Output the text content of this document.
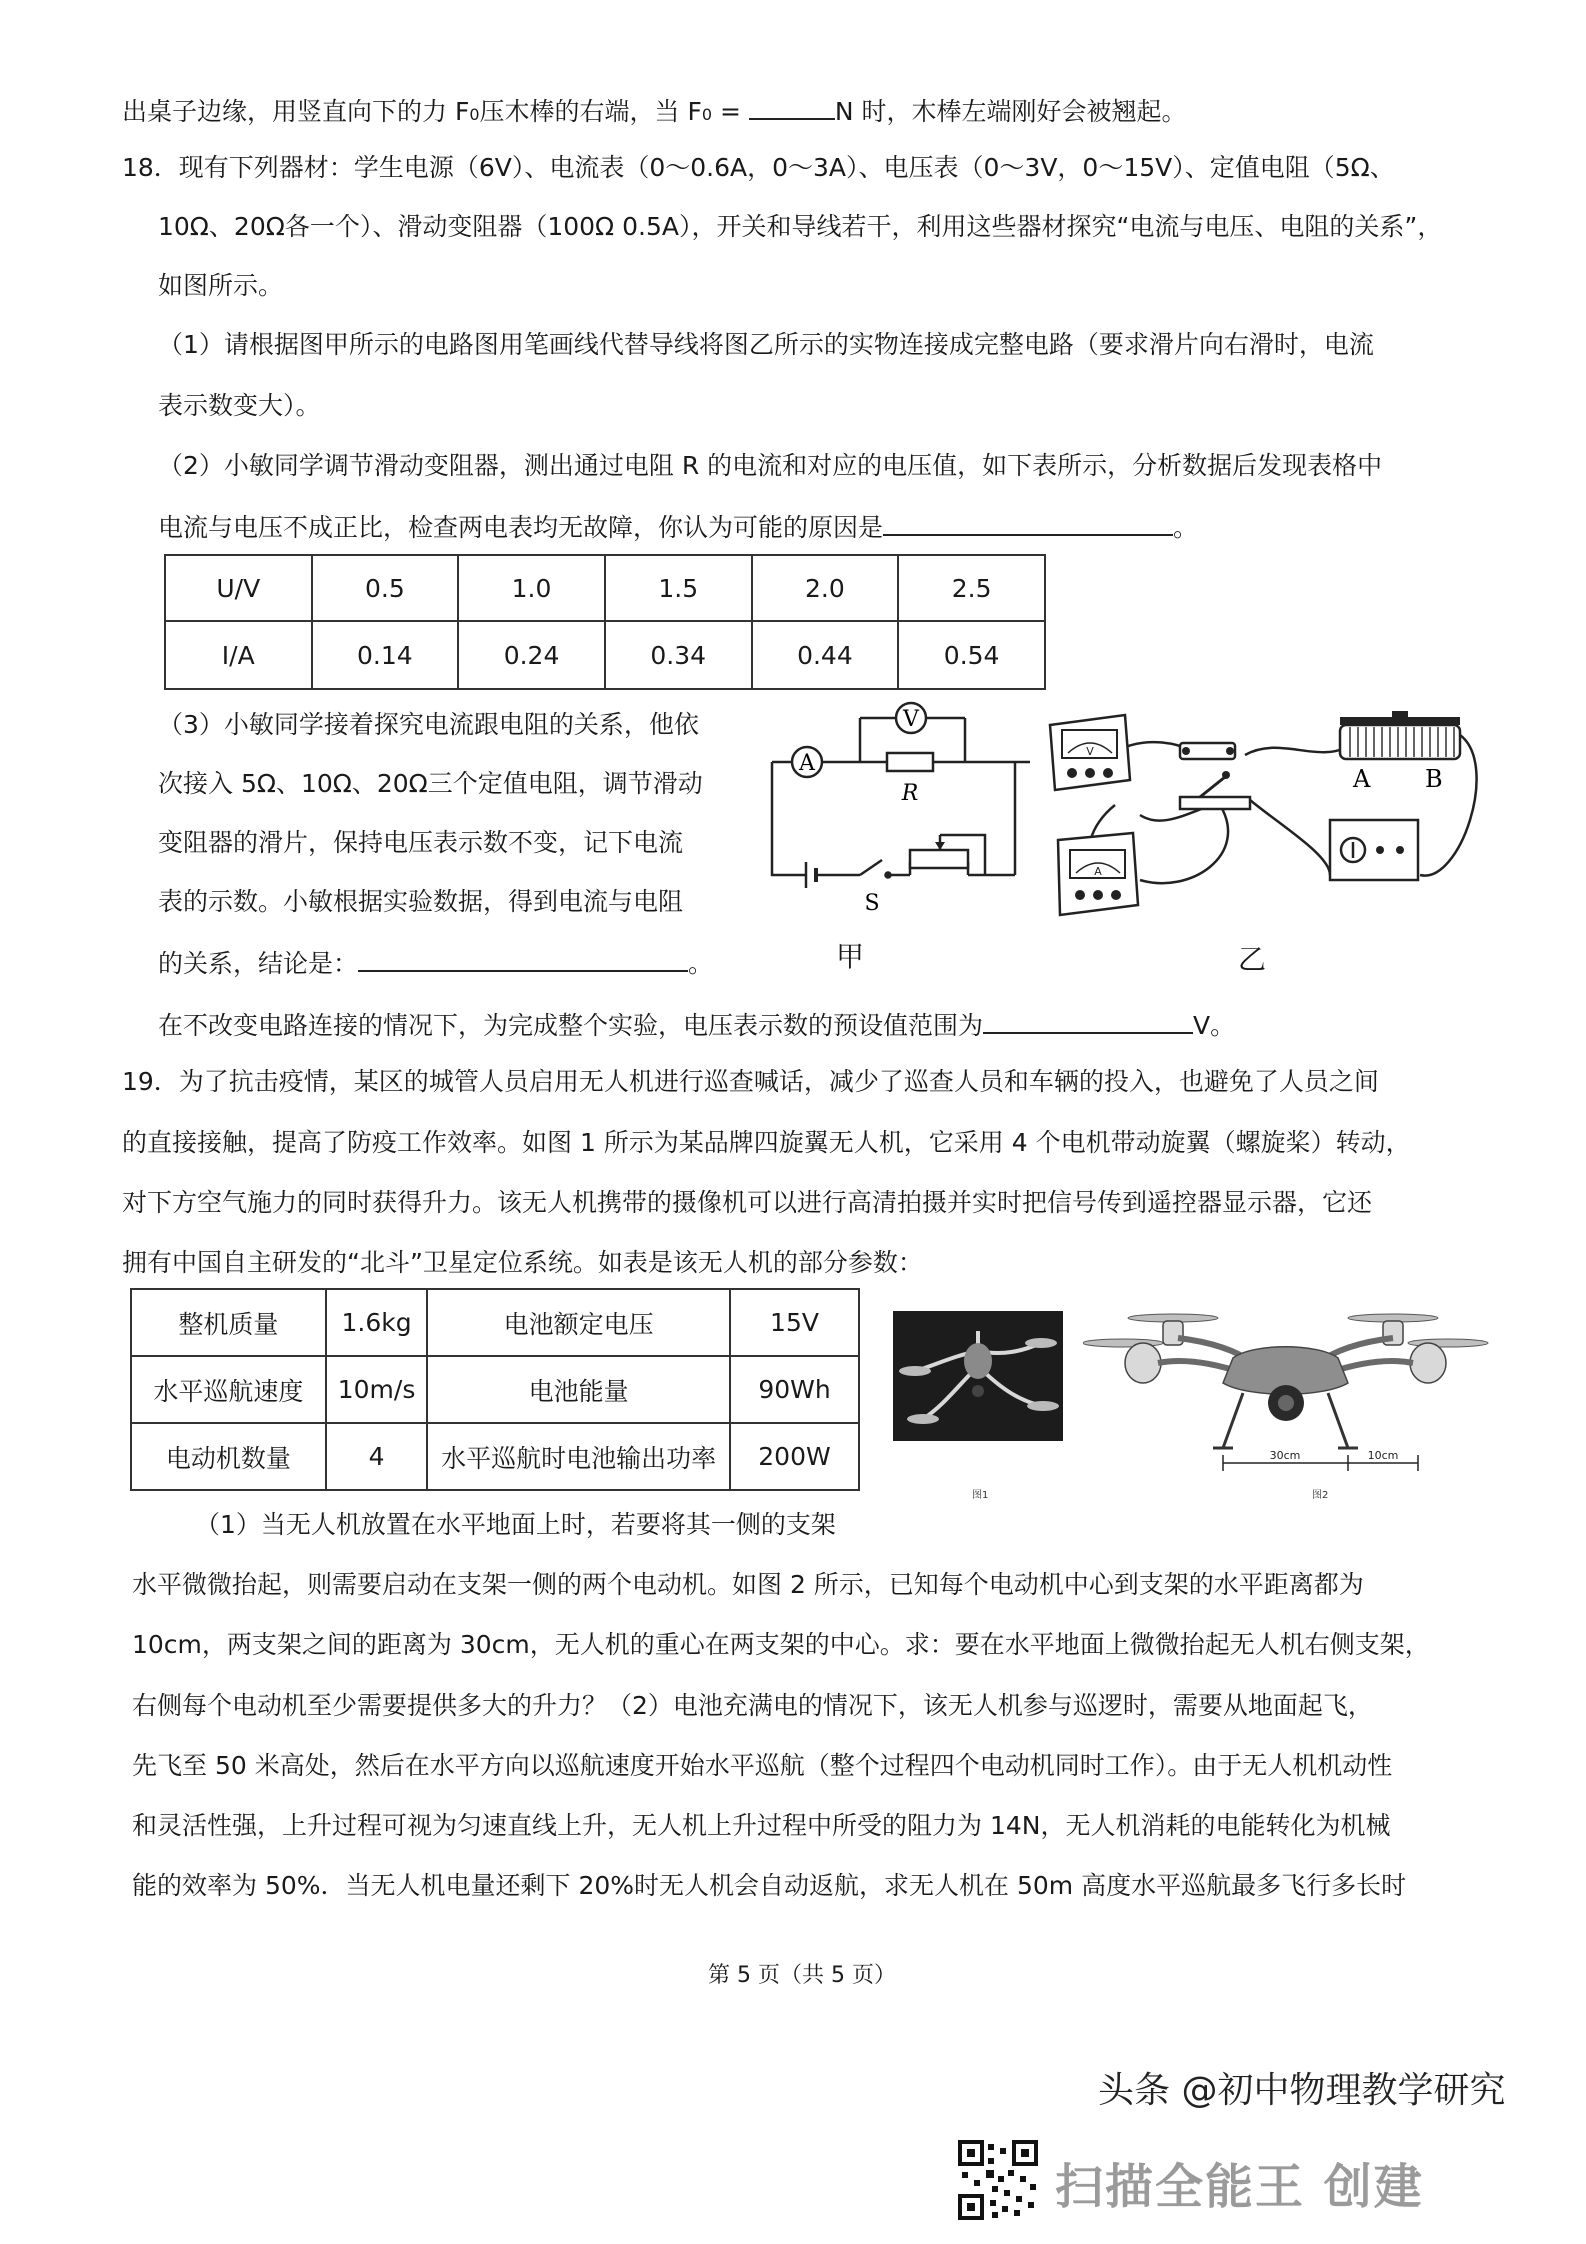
出桌子边缘，用竖直向下的力 F0压木棒的右端，当 F0 =	N 时，木棒左端刚好会被翘起。
18．现有下列器材：学生电源（6V）、电流表（0～0.6A，0～3A）、电压表（0～3V，0～15V）、定值电阻（5Ω、
10Ω、20Ω各一个）、滑动变阻器（100Ω 0.5A），开关和导线若干，利用这些器材探究“电流与电压、电阻的关系”，
如图所示。
（1）请根据图甲所示的电路图用笔画线代替导线将图乙所示的实物连接成完整电路（要求滑片向右滑时，电流
表示数变大）。
（2）小敏同学调节滑动变阻器，测出通过电阻 R 的电流和对应的电压值，如下表所示，分析数据后发现表格中
电流与电压不成正比，检查两电表均无故障，你认为可能的原因是	。
U/V	0.5	1.0	1.5	2.0	2.5
I/A	0.14	0.24	0.34	0.44	0.54
（3）小敏同学接着探究电流跟电阻的关系，他依
次接入 5Ω、10Ω、20Ω三个定值电阻，调节滑动
变阻器的滑片，保持电压表示数不变，记下电流
表的示数。小敏根据实验数据，得到电流与电阻
的关系，结论是：	。
在不改变电路连接的情况下，为完成整个实验，电压表示数的预设值范围为	V。
A
V
R
S
甲
V
A
A B
乙
19．为了抗击疫情，某区的城管人员启用无人机进行巡查喊话，减少了巡查人员和车辆的投入，也避免了人员之间
的直接接触，提高了防疫工作效率。如图 1 所示为某品牌四旋翼无人机，它采用 4 个电机带动旋翼（螺旋桨）转动，
对下方空气施力的同时获得升力。该无人机携带的摄像机可以进行高清拍摄并实时把信号传到遥控器显示器，它还
拥有中国自主研发的“北斗”卫星定位系统。如表是该无人机的部分参数：
整机质量	1.6kg	电池额定电压	15V
水平巡航速度	10m/s	电池能量	90Wh
电动机数量	4	水平巡航时电池输出功率	200W
图1
30cm	10cm
图2
（1）当无人机放置在水平地面上时，若要将其一侧的支架
水平微微抬起，则需要启动在支架一侧的两个电动机。如图 2 所示，已知每个电动机中心到支架的水平距离都为
10cm，两支架之间的距离为 30cm，无人机的重心在两支架的中心。求：要在水平地面上微微抬起无人机右侧支架，
右侧每个电动机至少需要提供多大的升力？（2）电池充满电的情况下，该无人机参与巡逻时，需要从地面起飞，
先飞至 50 米高处，然后在水平方向以巡航速度开始水平巡航（整个过程四个电动机同时工作）。由于无人机机动性
和灵活性强，上升过程可视为匀速直线上升，无人机上升过程中所受的阻力为 14N，无人机消耗的电能转化为机械
能的效率为 50%．当无人机电量还剩下 20%时无人机会自动返航，求无人机在 50m 高度水平巡航最多飞行多长时
第 5 页（共 5 页）
头条 @初中物理教学研究
扫描全能王 创建
